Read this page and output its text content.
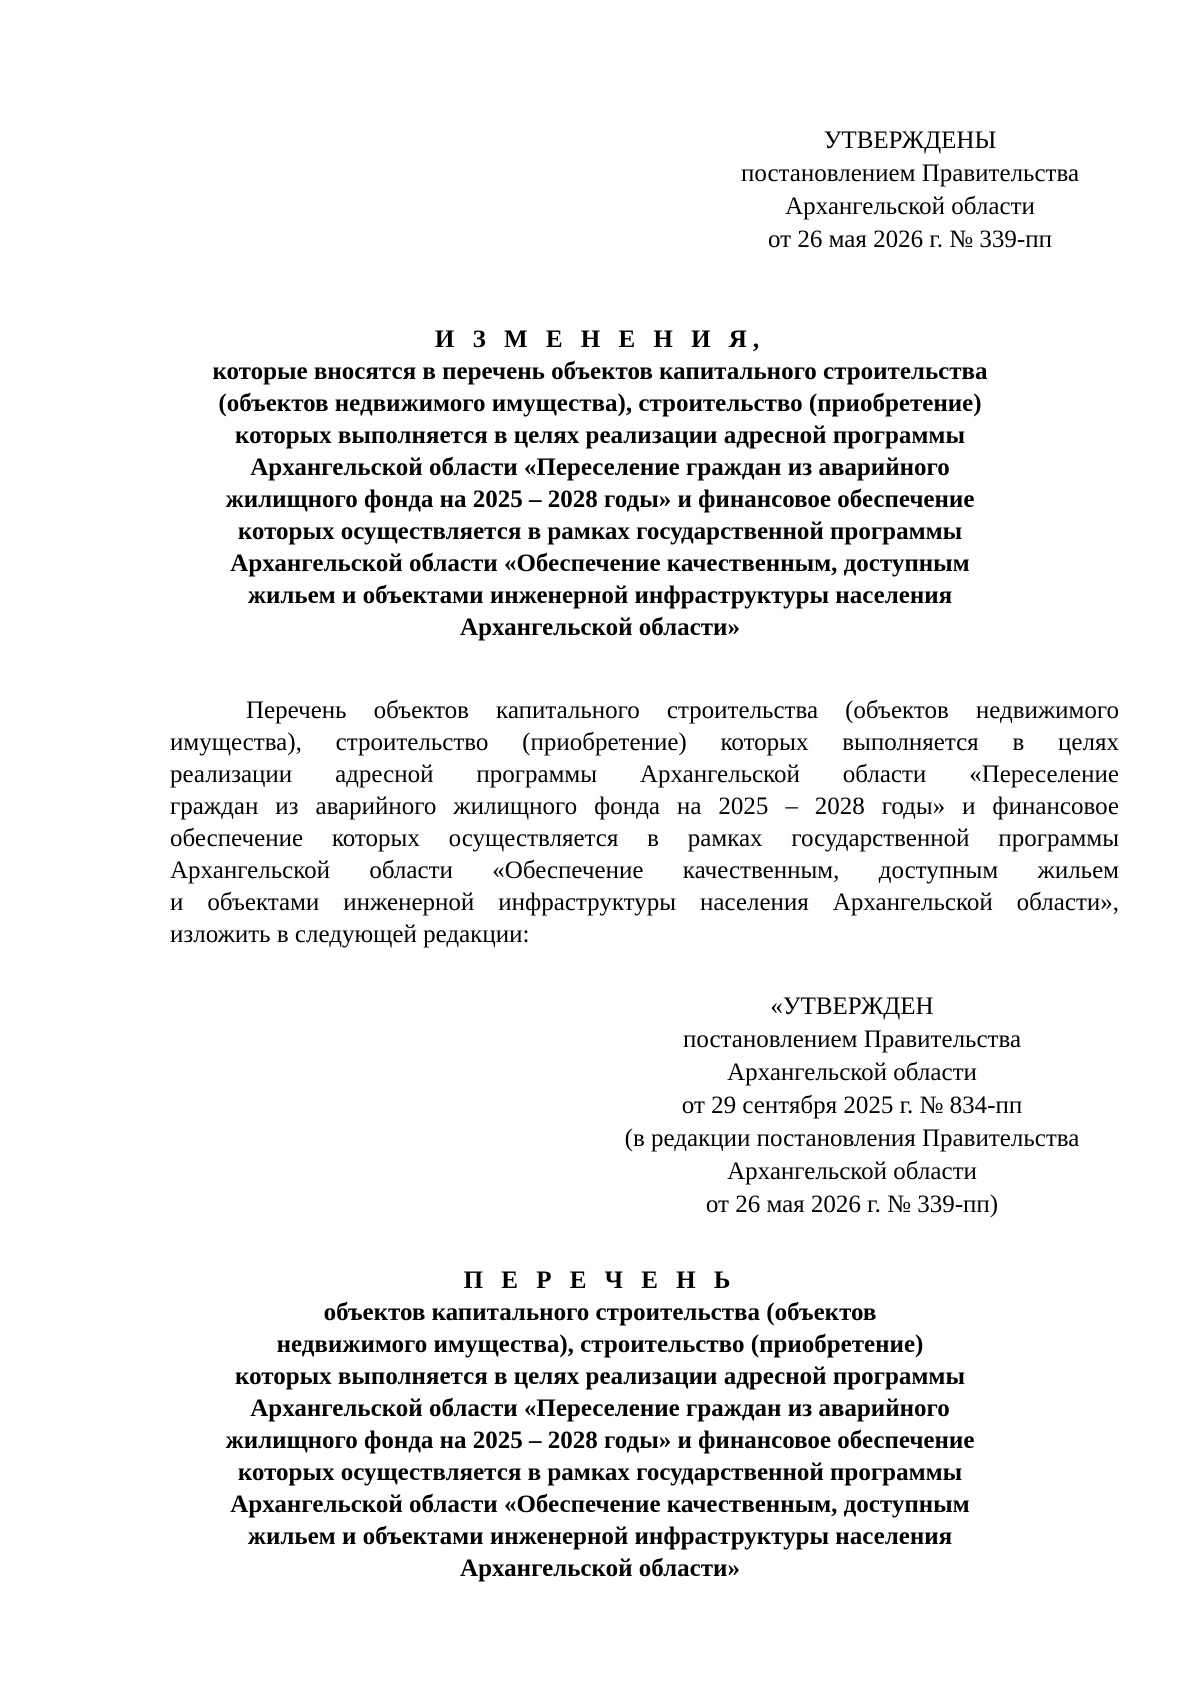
УТВЕРЖДЕНЫ
постановлением Правительства
Архангельской области
от 26 мая 2026 г. № 339-пп
И З М Е Н Е Н И Я,
которые вносятся в перечень объектов капитального строительства
(объектов недвижимого имущества), строительство (приобретение)
которых выполняется в целях реализации адресной программы
Архангельской области «Переселение граждан из аварийного
жилищного фонда на 2025 – 2028 годы» и финансовое обеспечение
которых осуществляется в рамках государственной программы
Архангельской области «Обеспечение качественным, доступным
жильем и объектами инженерной инфраструктуры населения
Архангельской области»
Перечень объектов капитального строительства (объектов недвижимого
имущества), строительство (приобретение) которых выполняется в целях
реализации адресной программы Архангельской области «Переселение
граждан из аварийного жилищного фонда на 2025 – 2028 годы» и финансовое
обеспечение которых осуществляется в рамках государственной программы
Архангельской области «Обеспечение качественным, доступным жильем
и объектами инженерной инфраструктуры населения Архангельской области»,
изложить в следующей редакции:
«УТВЕРЖДЕН
постановлением Правительства
Архангельской области
от 29 сентября 2025 г. № 834-пп
(в редакции постановления Правительства
Архангельской области
от 26 мая 2026 г. № 339-пп)
П Е Р Е Ч Е Н Ь
объектов капитального строительства (объектов
недвижимого имущества), строительство (приобретение)
которых выполняется в целях реализации адресной программы
Архангельской области «Переселение граждан из аварийного
жилищного фонда на 2025 – 2028 годы» и финансовое обеспечение
которых осуществляется в рамках государственной программы
Архангельской области «Обеспечение качественным, доступным
жильем и объектами инженерной инфраструктуры населения
Архангельской области»
